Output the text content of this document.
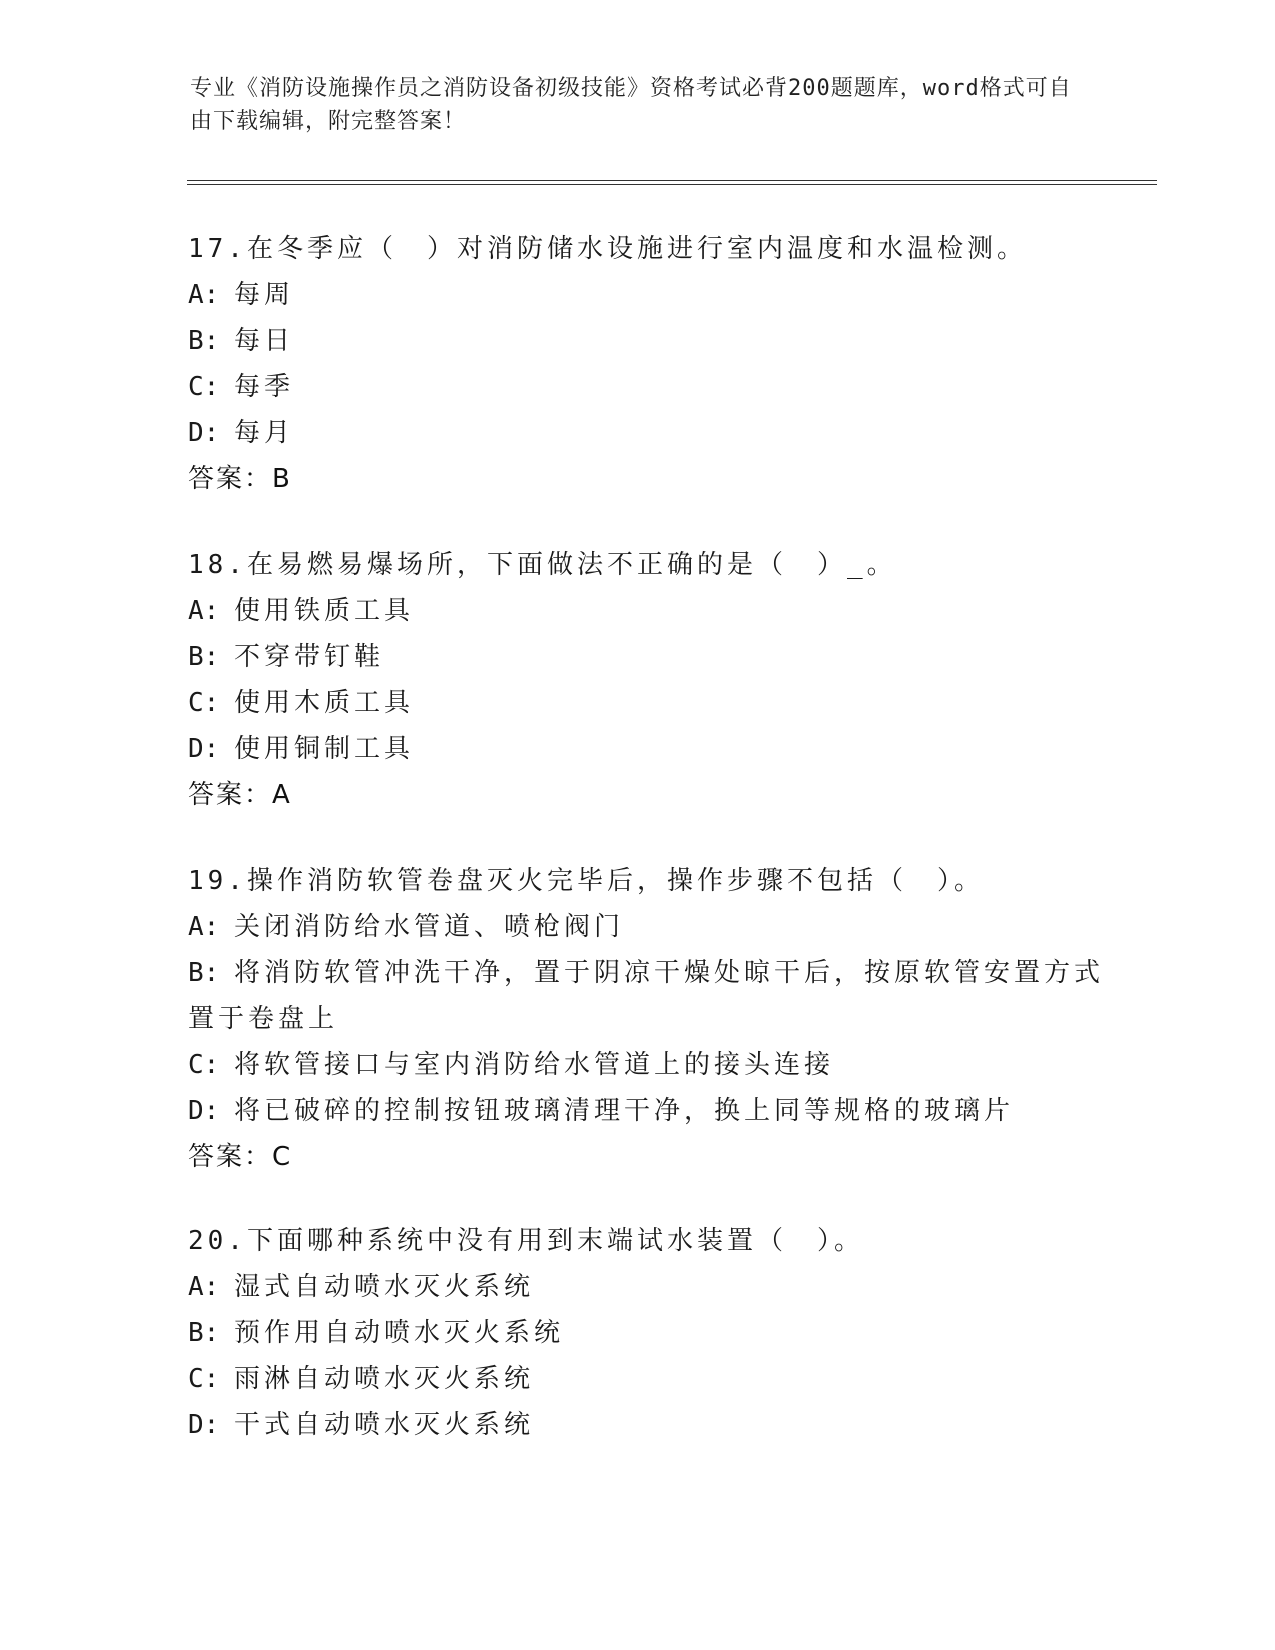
专业《消防设施操作员之消防设备初级技能》资格考试必背200题题库，word格式可自由下载编辑，附完整答案！
17.在冬季应（　）对消防储水设施进行室内温度和水温检测。
A: 每周
B: 每日
C: 每季
D: 每月
答案：B
18.在易燃易爆场所，下面做法不正确的是（　）_。
A: 使用铁质工具
B: 不穿带钉鞋
C: 使用木质工具
D: 使用铜制工具
答案：A
19.操作消防软管卷盘灭火完毕后，操作步骤不包括（　）。
A: 关闭消防给水管道、喷枪阀门
B: 将消防软管冲洗干净，置于阴凉干燥处晾干后，按原软管安置方式置于卷盘上
C: 将软管接口与室内消防给水管道上的接头连接
D: 将已破碎的控制按钮玻璃清理干净，换上同等规格的玻璃片
答案：C
20.下面哪种系统中没有用到末端试水装置（　）。
A: 湿式自动喷水灭火系统
B: 预作用自动喷水灭火系统
C: 雨淋自动喷水灭火系统
D: 干式自动喷水灭火系统
